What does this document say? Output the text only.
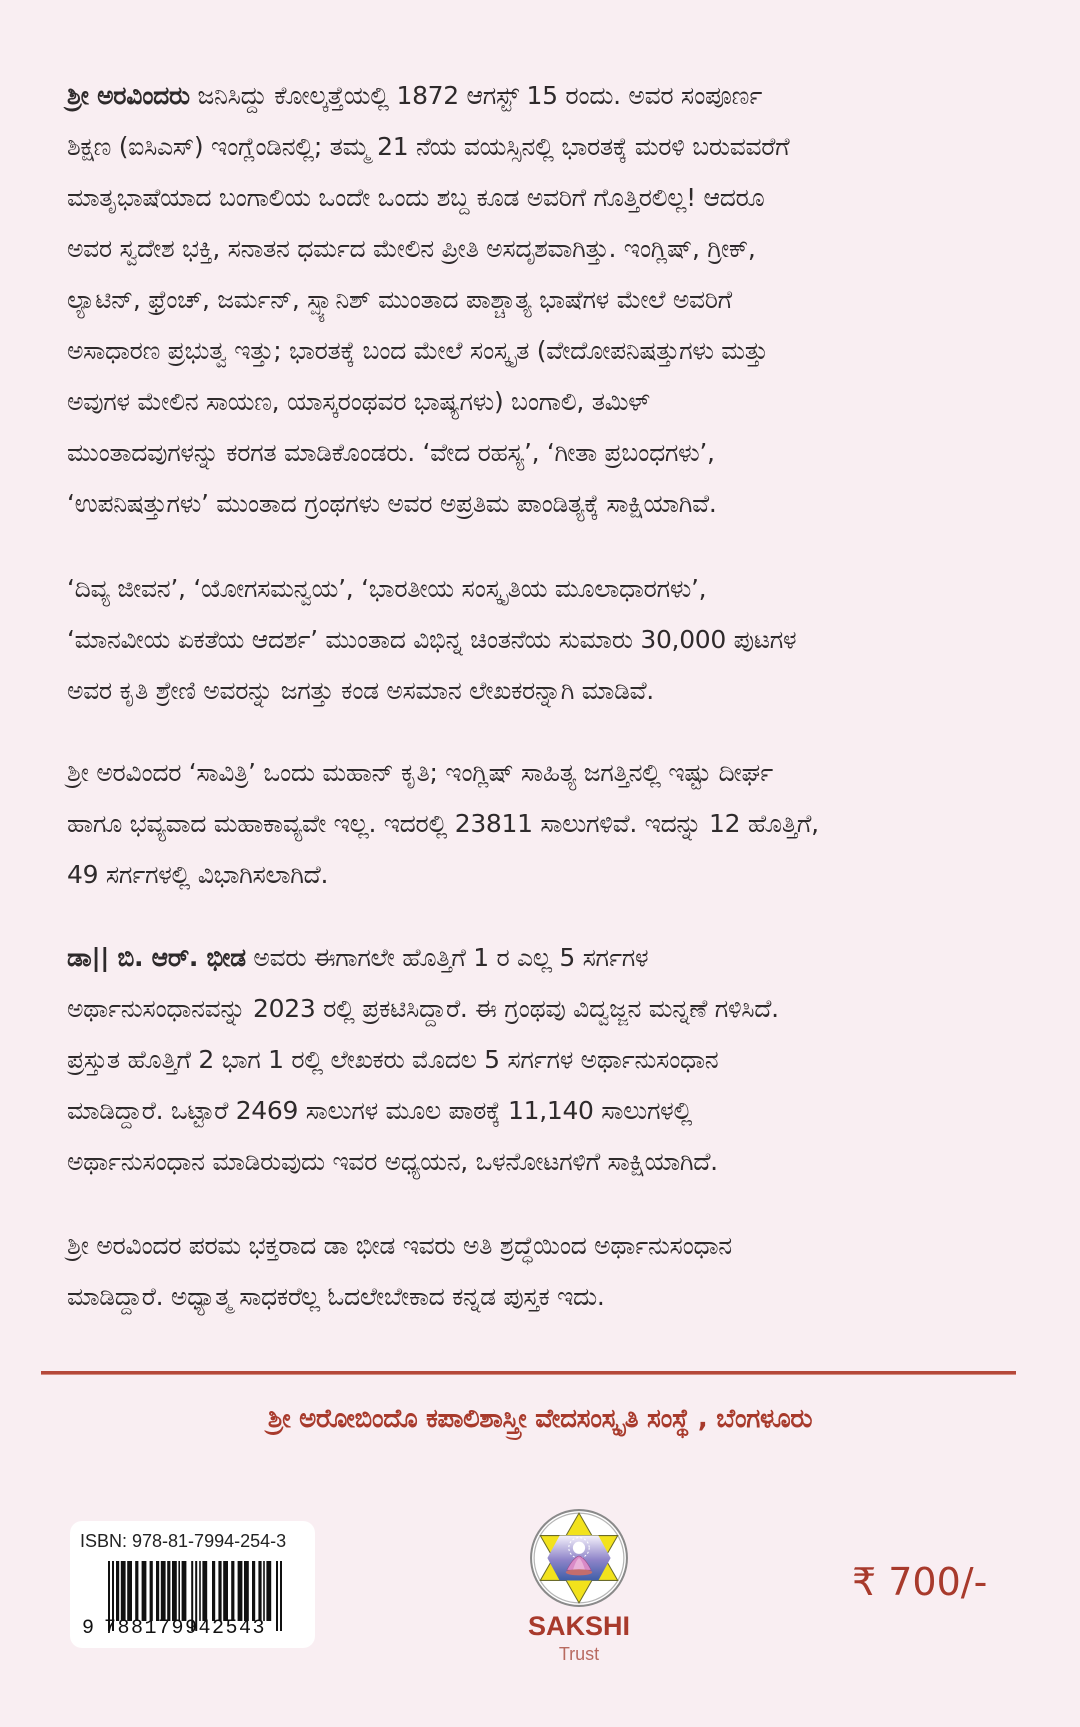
ಶ್ರೀ ಅರವಿಂದರು ಜನಿಸಿದ್ದು ಕೋಲ್ಕತ್ತೆಯಲ್ಲಿ 1872 ಆಗಸ್ಟ್ 15 ರಂದು. ಅವರ ಸಂಪೂರ್ಣ

ಶಿಕ್ಷಣ (ಐಸಿಎಸ್) ಇಂಗ್ಲೆಂಡಿನಲ್ಲಿ; ತಮ್ಮ 21 ನೆಯ ವಯಸ್ಸಿನಲ್ಲಿ ಭಾರತಕ್ಕೆ ಮರಳಿ ಬರುವವರೆಗೆ

ಮಾತೃಭಾಷೆಯಾದ ಬಂಗಾಲಿಯ ಒಂದೇ ಒಂದು ಶಬ್ದ ಕೂಡ ಅವರಿಗೆ ಗೊತ್ತಿರಲಿಲ್ಲ! ಆದರೂ

ಅವರ ಸ್ವದೇಶ ಭಕ್ತಿ, ಸನಾತನ ಧರ್ಮದ ಮೇಲಿನ ಪ್ರೀತಿ ಅಸದೃಶವಾಗಿತ್ತು. ಇಂಗ್ಲಿಷ್, ಗ್ರೀಕ್,

ಲ್ಯಾಟಿನ್, ಫ್ರೆಂಚ್, ಜರ್ಮನ್, ಸ್ಪ್ಯಾನಿಶ್ ಮುಂತಾದ ಪಾಶ್ಚಾತ್ಯ ಭಾಷೆಗಳ ಮೇಲೆ ಅವರಿಗೆ

ಅಸಾಧಾರಣ ಪ್ರಭುತ್ವ ಇತ್ತು; ಭಾರತಕ್ಕೆ ಬಂದ ಮೇಲೆ ಸಂಸ್ಕೃತ (ವೇದೋಪನಿಷತ್ತುಗಳು ಮತ್ತು

ಅವುಗಳ ಮೇಲಿನ ಸಾಯಣ, ಯಾಸ್ಕರಂಥವರ ಭಾಷ್ಯಗಳು) ಬಂಗಾಲಿ, ತಮಿಳ್

ಮುಂತಾದವುಗಳನ್ನು ಕರಗತ ಮಾಡಿಕೊಂಡರು. ‘ವೇದ ರಹಸ್ಯ’, ‘ಗೀತಾ ಪ್ರಬಂಧಗಳು’,

‘ಉಪನಿಷತ್ತುಗಳು’ ಮುಂತಾದ ಗ್ರಂಥಗಳು ಅವರ ಅಪ್ರತಿಮ ಪಾಂಡಿತ್ಯಕ್ಕೆ ಸಾಕ್ಷಿಯಾಗಿವೆ.

‘ದಿವ್ಯ ಜೀವನ’, ‘ಯೋಗಸಮನ್ವಯ’, ‘ಭಾರತೀಯ ಸಂಸ್ಕೃತಿಯ ಮೂಲಾಧಾರಗಳು’,

‘ಮಾನವೀಯ ಏಕತೆಯ ಆದರ್ಶ’ ಮುಂತಾದ ವಿಭಿನ್ನ ಚಿಂತನೆಯ ಸುಮಾರು 30,000 ಪುಟಗಳ

ಅವರ ಕೃತಿ ಶ್ರೇಣಿ ಅವರನ್ನು ಜಗತ್ತು ಕಂಡ ಅಸಮಾನ ಲೇಖಕರನ್ನಾಗಿ ಮಾಡಿವೆ.

ಶ್ರೀ ಅರವಿಂದರ ‘ಸಾವಿತ್ರಿ’ ಒಂದು ಮಹಾನ್ ಕೃತಿ; ಇಂಗ್ಲಿಷ್ ಸಾಹಿತ್ಯ ಜಗತ್ತಿನಲ್ಲಿ ಇಷ್ಟು ದೀರ್ಘ

ಹಾಗೂ ಭವ್ಯವಾದ ಮಹಾಕಾವ್ಯವೇ ಇಲ್ಲ. ಇದರಲ್ಲಿ 23811 ಸಾಲುಗಳಿವೆ. ಇದನ್ನು 12 ಹೊತ್ತಿಗೆ,

49 ಸರ್ಗಗಳಲ್ಲಿ ವಿಭಾಗಿಸಲಾಗಿದೆ.

ಡಾ|| ಬಿ. ಆರ್. ಭೀಡ ಅವರು ಈಗಾಗಲೇ ಹೊತ್ತಿಗೆ 1 ರ ಎಲ್ಲ 5 ಸರ್ಗಗಳ

ಅರ್ಥಾನುಸಂಧಾನವನ್ನು 2023 ರಲ್ಲಿ ಪ್ರಕಟಿಸಿದ್ದಾರೆ. ಈ ಗ್ರಂಥವು ವಿದ್ವಜ್ಜನ ಮನ್ನಣೆ ಗಳಿಸಿದೆ.

ಪ್ರಸ್ತುತ ಹೊತ್ತಿಗೆ 2 ಭಾಗ 1 ರಲ್ಲಿ ಲೇಖಕರು ಮೊದಲ 5 ಸರ್ಗಗಳ ಅರ್ಥಾನುಸಂಧಾನ

ಮಾಡಿದ್ದಾರೆ. ಒಟ್ಟಾರೆ 2469 ಸಾಲುಗಳ ಮೂಲ ಪಾಠಕ್ಕೆ 11,140 ಸಾಲುಗಳಲ್ಲಿ

ಅರ್ಥಾನುಸಂಧಾನ ಮಾಡಿರುವುದು ಇವರ ಅಧ್ಯಯನ, ಒಳನೋಟಗಳಿಗೆ ಸಾಕ್ಷಿಯಾಗಿದೆ.

ಶ್ರೀ ಅರವಿಂದರ ಪರಮ ಭಕ್ತರಾದ ಡಾ ಭೀಡ ಇವರು ಅತಿ ಶ್ರದ್ಧೆಯಿಂದ ಅರ್ಥಾನುಸಂಧಾನ

ಮಾಡಿದ್ದಾರೆ. ಅಧ್ಯಾತ್ಮ ಸಾಧಕರೆಲ್ಲ ಓದಲೇಬೇಕಾದ ಕನ್ನಡ ಪುಸ್ತಕ ಇದು.

ಶ್ರೀ ಅರೋಬಿಂದೊ ಕಪಾಲಿಶಾಸ್ತ್ರೀ ವೇದಸಂಸ್ಕೃತಿ ಸಂಸ್ಥೆ , ಬೆಂಗಳೂರು
ISBN: 978-81-7994-254-3
9 788179942543	SAKSHI
Trust
₹ 700/-
